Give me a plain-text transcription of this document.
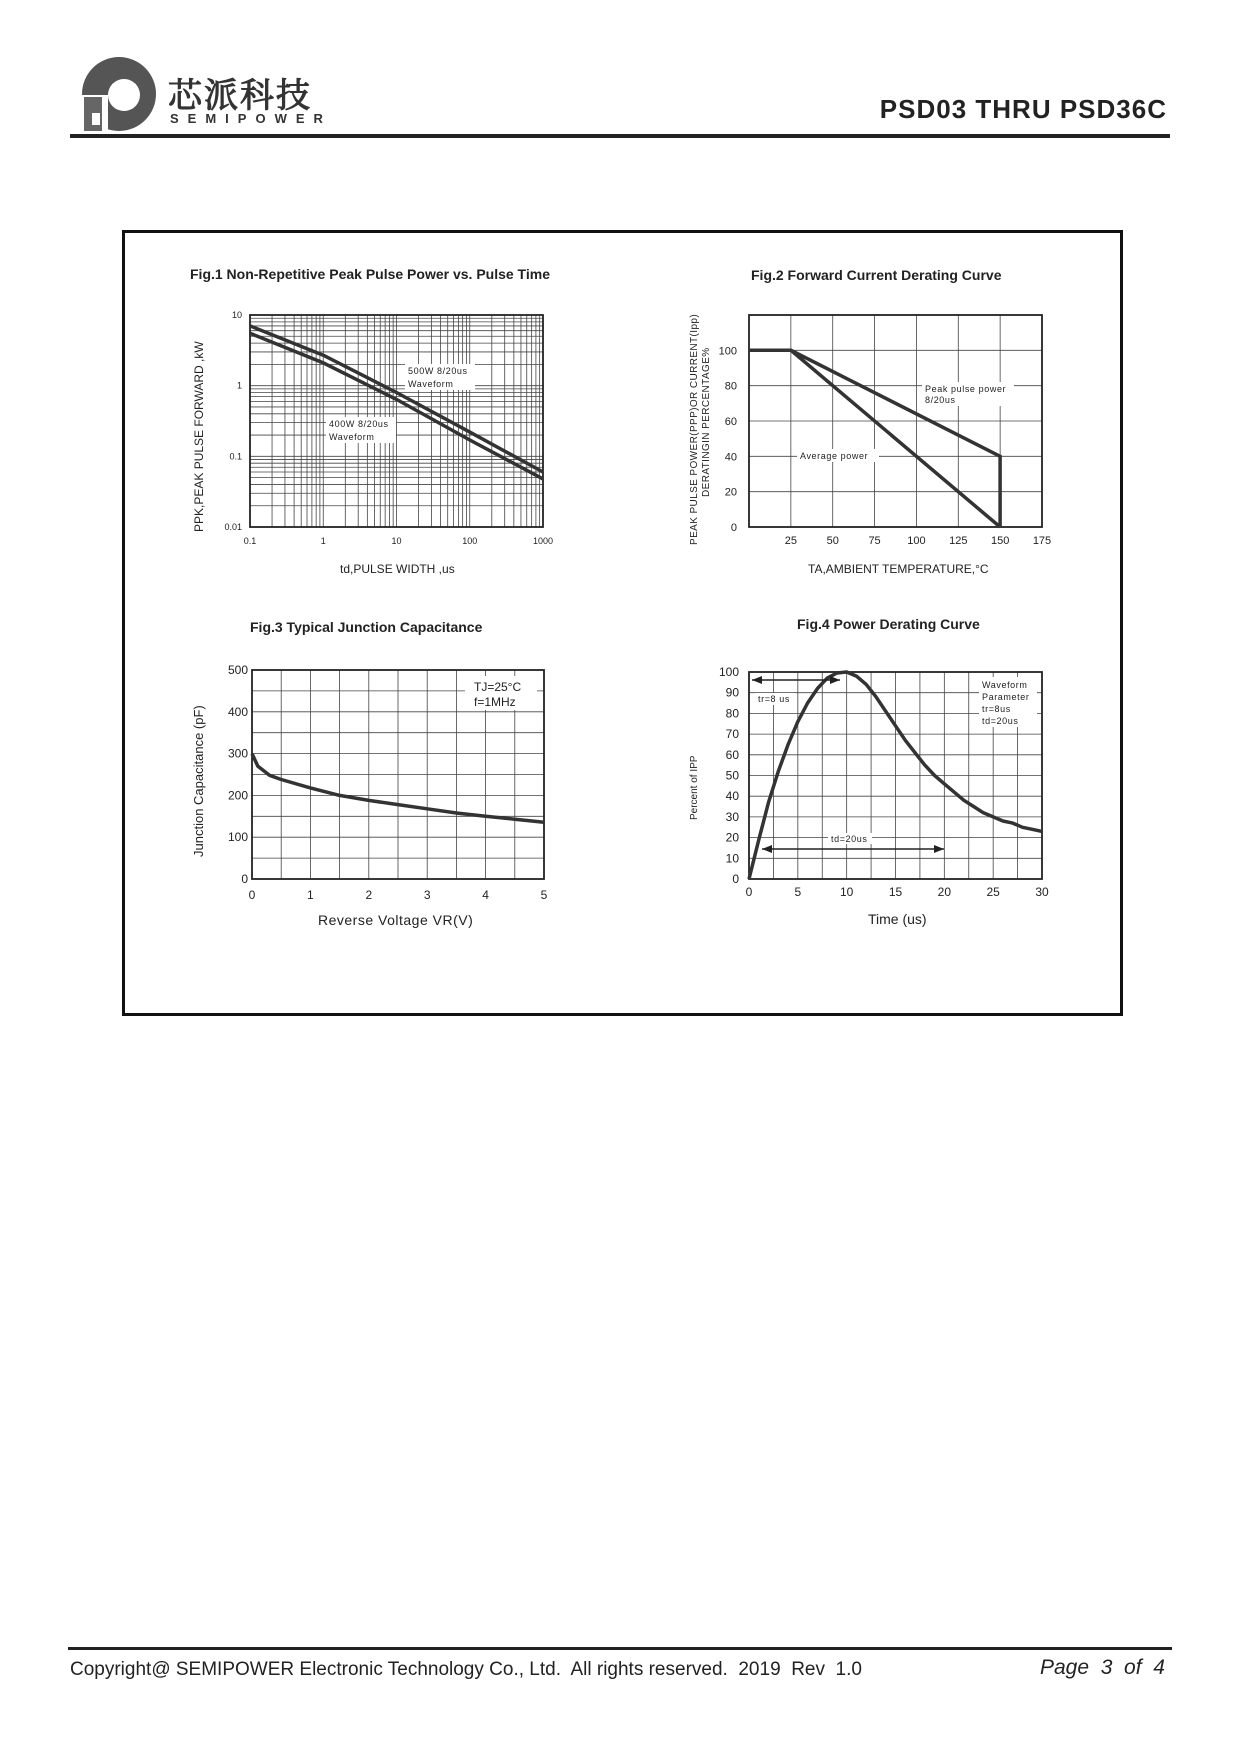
芯派科技
SEMIPOWER	PSD03 THRU PSD36C
Fig.1 Non-Repetitive Peak Pulse Power vs. Pulse Time
0.1	1	10	100	1000
10
1
0.1
0.01
500W 8/20us
Waveform
400W 8/20us
Waveform
PPK,PEAK PULSE FORWARD ,kW
td,PULSE WIDTH ,us
Fig.2 Forward Current Derating Curve
25	50	75 100 125 150 175
0
20
40
60
80
100
Peak pulse power
8/20us
Average power
PEAK PULSE POWER(PPP)OR CURRENT(Ipp) DERATINGIN PERCENTAGE%
TA,AMBIENT TEMPERATURE,°C
Fig.3 Typical Junction Capacitance
0	1	2	3	4	5
0
100
200
300
400
500
TJ=25°C
f=1MHz
Junction Capacitance (pF)
Reverse Voltage VR(V)
Fig.4 Power Derating Curve
0	5	10	15	20	25	30
0
10
20
30
40
50
60
70
80
90
100
tr=8 us
td=20us
Waveform
Parameter
tr=8us
td=20us
Percent of IPP
Time (us)
Copyright@ SEMIPOWER Electronic Technology Co., Ltd.  All rights reserved.  2019  Rev  1.0	Page  3  of  4
